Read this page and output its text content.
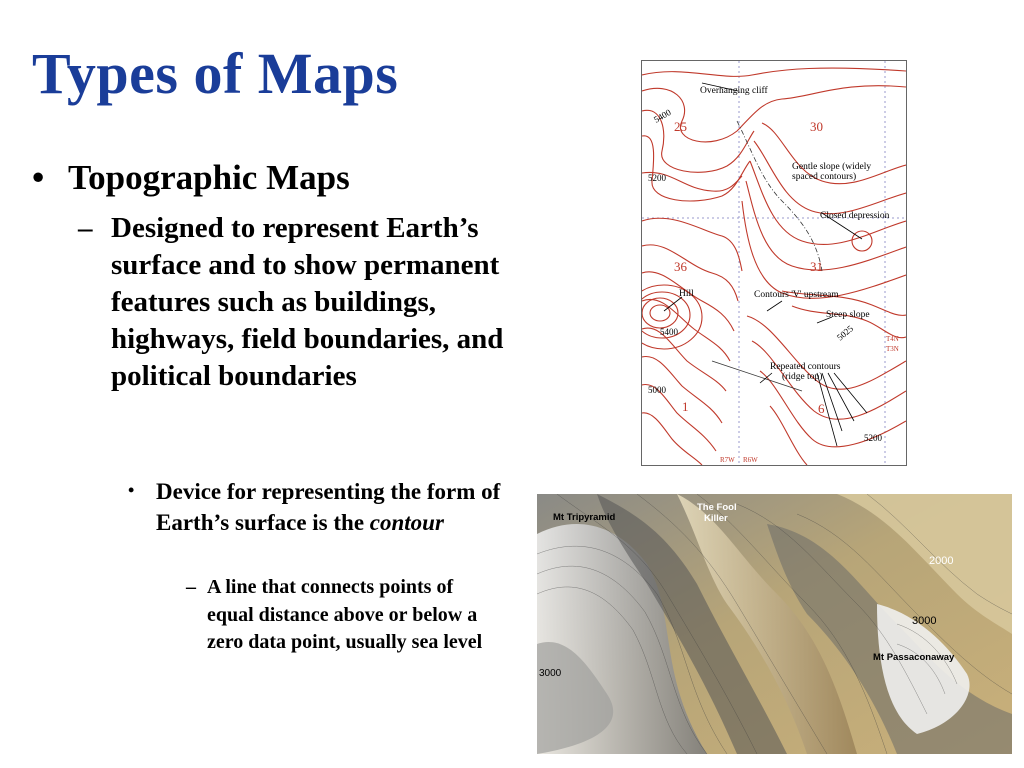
Types of Maps
• Topographic Maps
– Designed to represent Earth’s surface and to show permanent features such as buildings, highways, field boundaries, and political boundaries
• Device for representing the form of Earth’s surface is the contour
– A line that connects points of equal distance above or below a zero data point, usually sea level
Overhanging cliff
Gentle slope (widely
spaced contours)
Closed depression
Hill	Contours 'V' upstream
Steep slope
Repeated contours
(ridge top)
5400
5200
5400
5000
5200
5025
25	30
36	31
1	6
T4N
T3N
R7W R6W
Mt Tripyramid
The Fool
Killer
2000
3000
Mt Passaconaway
3000
